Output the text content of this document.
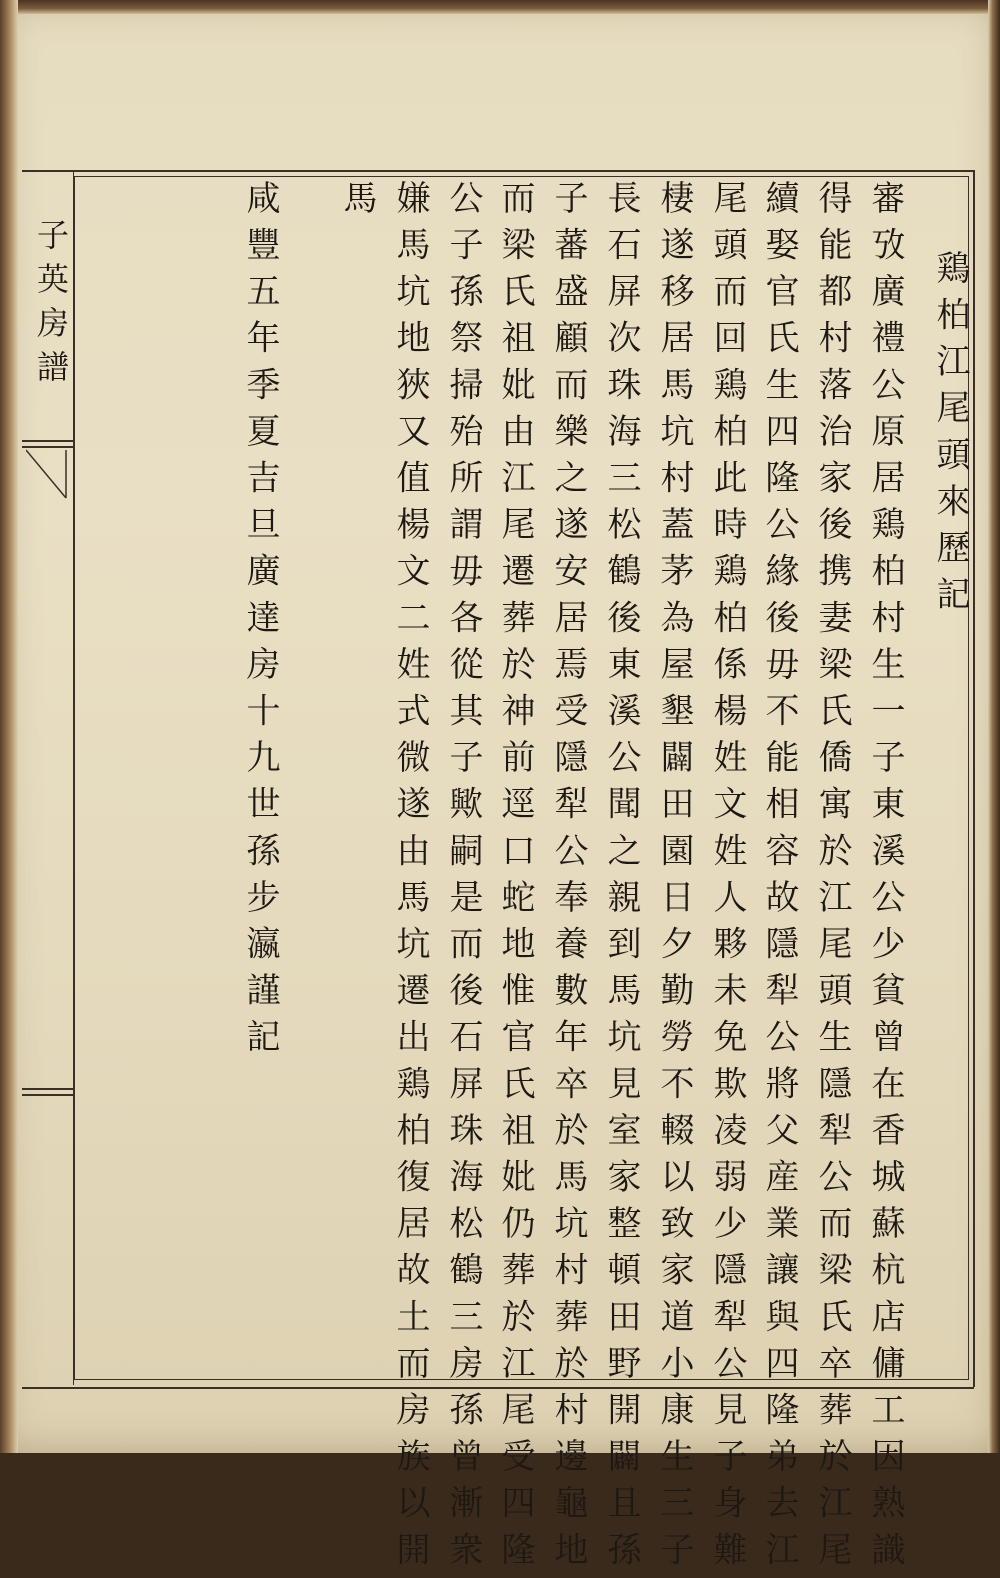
子英房譜	鶏柏江尾頭來歷記
審攷廣禮公原居鶏柏村生一子東溪公少貧曾在香城蘇杭店傭工因熟識
得能都村落治家後携妻梁氏僑寓於江尾頭生隱犁公而梁氏卒葬於江尾
續娶官氏生四隆公緣後毋不能相容故隱犁公將父産業讓與四隆弟去江
尾頭而回鶏柏此時鶏柏係楊姓文姓人夥未免欺凌弱少隱犁公見子身難
棲遂移居馬坑村蓋茅為屋墾闢田園日夕勤勞不輟以致家道小康生三子
長石屏次珠海三松鶴後東溪公聞之親到馬坑見室家整頓田野開闢且孫
子蕃盛顧而樂之遂安居焉受隱犁公奉養數年卒於馬坑村葬於村邊龜地
而梁氏祖妣由江尾遷葬於神前逕口蛇地惟官氏祖妣仍葬於江尾受四隆
公子孫祭掃殆所謂毋各從其子歟嗣是而後石屏珠海松鶴三房孫曾漸衆
嫌馬坑地狹又值楊文二姓式微遂由馬坑遷出鶏柏復居故土而房族以開
馬
咸豐五年季夏吉旦廣達房十九世孫步瀛謹記
